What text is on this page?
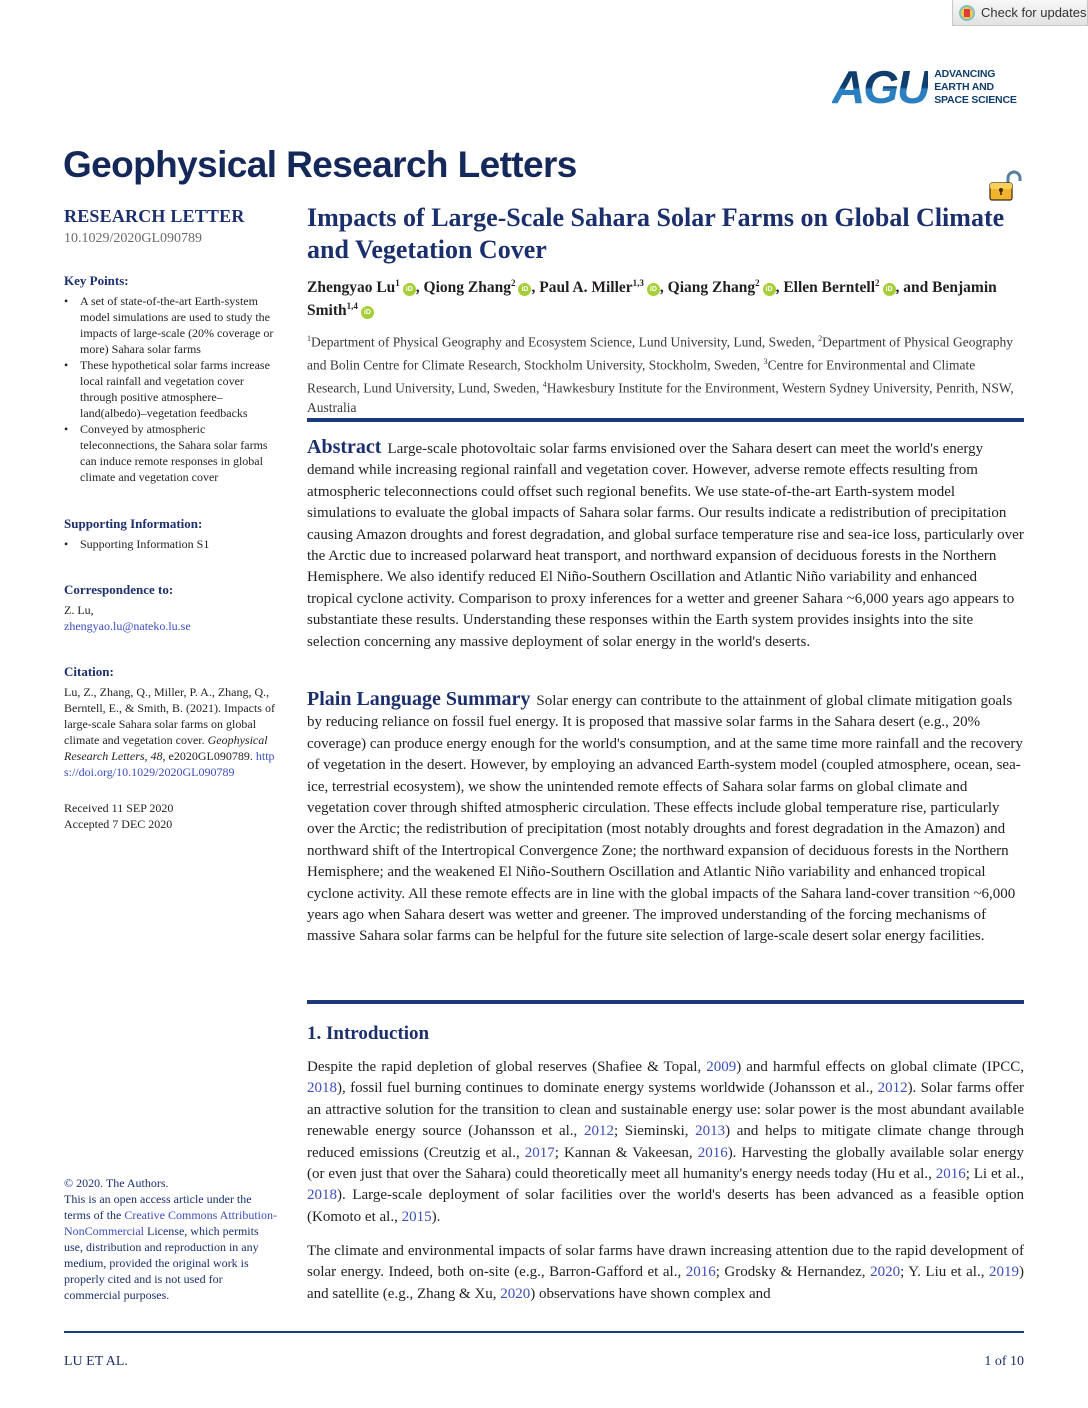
Check for updates
AGU ADVANCING
EARTH AND
SPACE SCIENCE
Geophysical Research Letters
RESEARCH LETTER
10.1029/2020GL090789
Key Points:
• A set of state-of-the-art Earth-system model simulations are used to study the impacts of large-scale (20% coverage or more) Sahara solar farms
• These hypothetical solar farms increase local rainfall and vegetation cover through positive atmosphere–land(albedo)–vegetation feedbacks
• Conveyed by atmospheric teleconnections, the Sahara solar farms can induce remote responses in global climate and vegetation cover
Supporting Information:
• Supporting Information S1
Correspondence to:
Z. Lu,
zhengyao.lu@nateko.lu.se
Citation:
Lu, Z., Zhang, Q., Miller, P. A., Zhang, Q., Berntell, E., & Smith, B. (2021). Impacts of large-scale Sahara solar farms on global climate and vegetation cover. Geophysical Research Letters, 48, e2020GL090789. https://doi.org/10.1029/2020GL090789
Received 11 SEP 2020
Accepted 7 DEC 2020
© 2020. The Authors.
This is an open access article under the terms of the Creative Commons Attribution-NonCommercial License, which permits use, distribution and reproduction in any medium, provided the original work is properly cited and is not used for commercial purposes.
Impacts of Large-Scale Sahara Solar Farms on Global Climate and Vegetation Cover
Zhengyao Lu$^1$iD , Qiong Zhang$^2$iD , Paul A. Miller$^{1,3}$iD , Qiang Zhang$^2$iD , Ellen Berntell$^2$iD , and Benjamin Smith$^{1,4}$iD
$^1$Department of Physical Geography and Ecosystem Science, Lund University, Lund, Sweden, $^2$Department of Physical Geography and Bolin Centre for Climate Research, Stockholm University, Stockholm, Sweden, $^3$Centre for Environmental and Climate Research, Lund University, Lund, Sweden, $^4$Hawkesbury Institute for the Environment, Western Sydney University, Penrith, NSW, Australia
Abstract Large-scale photovoltaic solar farms envisioned over the Sahara desert can meet the world's energy demand while increasing regional rainfall and vegetation cover. However, adverse remote effects resulting from atmospheric teleconnections could offset such regional benefits. We use state-of-the-art Earth-system model simulations to evaluate the global impacts of Sahara solar farms. Our results indicate a redistribution of precipitation causing Amazon droughts and forest degradation, and global surface temperature rise and sea-ice loss, particularly over the Arctic due to increased polarward heat transport, and northward expansion of deciduous forests in the Northern Hemisphere. We also identify reduced El Niño-Southern Oscillation and Atlantic Niño variability and enhanced tropical cyclone activity. Comparison to proxy inferences for a wetter and greener Sahara ~6,000 years ago appears to substantiate these results. Understanding these responses within the Earth system provides insights into the site selection concerning any massive deployment of solar energy in the world's deserts.
Plain Language Summary Solar energy can contribute to the attainment of global climate mitigation goals by reducing reliance on fossil fuel energy. It is proposed that massive solar farms in the Sahara desert (e.g., 20% coverage) can produce energy enough for the world's consumption, and at the same time more rainfall and the recovery of vegetation in the desert. However, by employing an advanced Earth-system model (coupled atmosphere, ocean, sea-ice, terrestrial ecosystem), we show the unintended remote effects of Sahara solar farms on global climate and vegetation cover through shifted atmospheric circulation. These effects include global temperature rise, particularly over the Arctic; the redistribution of precipitation (most notably droughts and forest degradation in the Amazon) and northward shift of the Intertropical Convergence Zone; the northward expansion of deciduous forests in the Northern Hemisphere; and the weakened El Niño-Southern Oscillation and Atlantic Niño variability and enhanced tropical cyclone activity. All these remote effects are in line with the global impacts of the Sahara land-cover transition ~6,000 years ago when Sahara desert was wetter and greener. The improved understanding of the forcing mechanisms of massive Sahara solar farms can be helpful for the future site selection of large-scale desert solar energy facilities.
1. Introduction
Despite the rapid depletion of global reserves (Shafiee & Topal, 2009) and harmful effects on global climate (IPCC, 2018), fossil fuel burning continues to dominate energy systems worldwide (Johansson et al., 2012). Solar farms offer an attractive solution for the transition to clean and sustainable energy use: solar power is the most abundant available renewable energy source (Johansson et al., 2012; Sieminski, 2013) and helps to mitigate climate change through reduced emissions (Creutzig et al., 2017; Kannan & Vakeesan, 2016). Harvesting the globally available solar energy (or even just that over the Sahara) could theoretically meet all humanity's energy needs today (Hu et al., 2016; Li et al., 2018). Large-scale deployment of solar facilities over the world's deserts has been advanced as a feasible option (Komoto et al., 2015).
The climate and environmental impacts of solar farms have drawn increasing attention due to the rapid development of solar energy. Indeed, both on-site (e.g., Barron-Gafford et al., 2016; Grodsky & Hernandez, 2020; Y. Liu et al., 2019) and satellite (e.g., Zhang & Xu, 2020) observations have shown complex and
LU ET AL.	1 of 10
